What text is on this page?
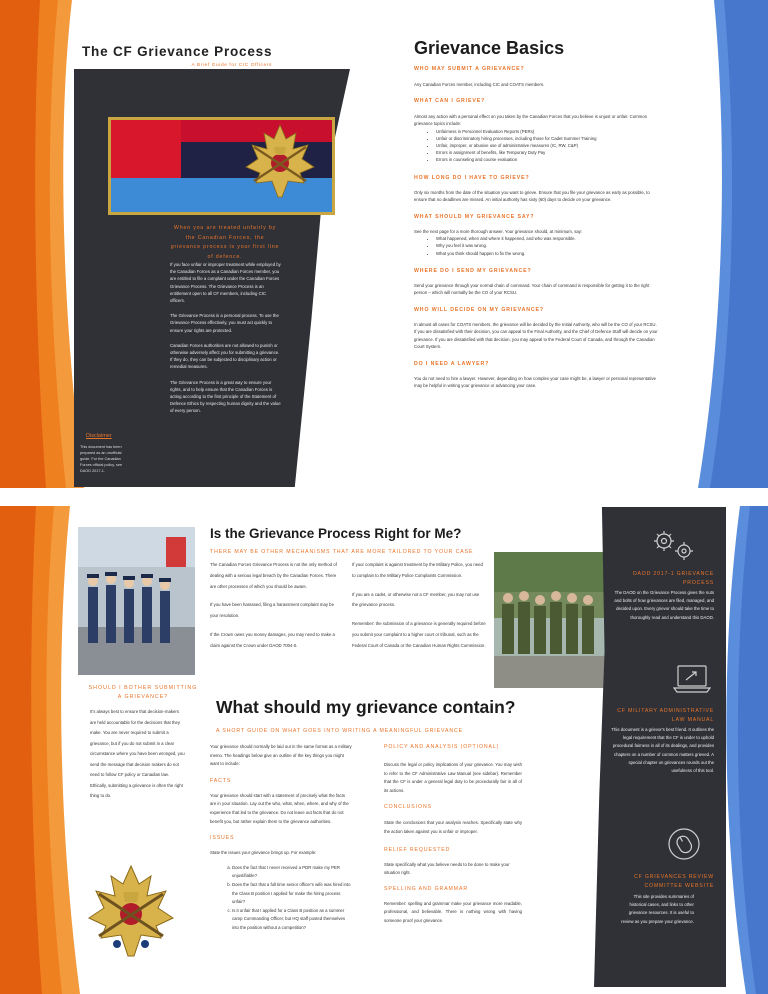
The CF Grievance Process
A Brief Guide for CIC Officers
When you are treated unfairly by the Canadian Forces, the grievance process is your first line of defence.

If you face unfair or improper treatment while employed by the Canadian Forces as a Canadian Forces member, you are entitled to file a complaint under the Canadian Forces Grievance Process. The Grievance Process is an entitlement open to all CF members, including CIC officers.

The Grievance Process is a personal process. To use the Grievance Process effectively, you must act quickly to ensure your rights are protected.

Canadian Forces authorities are not allowed to punish or otherwise adversely affect you for submitting a grievance. If they do, they can be subjected to disciplinary action or remedial measures.

The Grievance Process is a great way to ensure your rights, and to help ensure that the Canadian Forces is acting according to the first principle of the Statement of Defence Ethics by respecting human dignity and the value of every person.

Disclaimer
This document has been prepared as an unofficial guide. For the Canadian Forces official policy, see DAOD 2017-1.
Grievance Basics
WHO MAY SUBMIT A GRIEVANCE?

Any Canadian Forces member, including CIC and COATS members.

WHAT CAN I GRIEVE?

Almost any action with a personal effect on you taken by the Canadian Forces that you believe is unjust or unfair. Common grievance topics include:

• Unfairness in Personnel Evaluation Reports (PERs)
• Unfair or discriminatory hiring processes, including those for Cadet Summer Training
• Unfair, improper, or abusive use of administrative measures (IC, RW, C&P)
• Errors in assignment of benefits, like Temporary Duty Pay
• Errors in counseling and course evaluation
HOW LONG DO I HAVE TO GRIEVE?

Only six months from the date of the situation you want to grieve. Ensure that you file your grievance as early as possible, to ensure that no deadlines are missed. An initial authority has sixty (60) days to decide on your grievance.

WHAT SHOULD MY GRIEVANCE SAY?

See the next page for a more thorough answer. Your grievance should, at minimum, say:

• What happened, when and where it happened, and who was responsible.
• Why you feel it was wrong.
• What you think should happen to fix the wrong.
WHERE DO I SEND MY GRIEVANCE?

Send your grievance through your normal chain of command. Your chain of command is responsible for getting it to the right person – which will normally be the CO of your RCSU.

WHO WILL DECIDE ON MY GRIEVANCE?

In almost all cases for COATS members, the grievance will be decided by the Initial Authority, who will be the CO of your RCSU. If you are dissatisfied with their decision, you can appeal to the Final Authority, and the Chief of Defence Staff will decide on your grievance. If you are dissatisfied with that decision, you may appeal to the Federal Court of Canada, and through the Canadian Court System.

DO I NEED A LAWYER?

You do not need to hire a lawyer. However, depending on how complex your case might be, a lawyer or personal representative may be helpful in writing your grievance or advancing your case.

SHOULD I BOTHER SUBMITTING A GRIEVANCE?
It's always best to ensure that decision-makers are held accountable for the decisions that they make. You are never required to submit a grievance, but if you do not submit in a clear circumstance where you have been wronged, you send the message that decision makers do not need to follow CF policy or Canadian law. Ethically, submitting a grievance is often the right thing to do.
Is the Grievance Process Right for Me?
THERE MAY BE OTHER MECHANISMS THAT ARE MORE TAILORED TO YOUR CASE

The Canadian Forces Grievance Process is not the only method of dealing with a serious legal breach by the Canadian Forces. There are other processes of which you should be aware.

If you have been harassed, filing a harassment complaint may be your resolution.

If the Crown owes you money damages, you may need to make a claim against the Crown under DAOD 7004-0.

If your complaint is against treatment by the Military Police, you need to complain to the Military Police Complaints Commission.

If you are a cadet, or otherwise not a CF member, you may not use the grievance process.

Remember: the submission of a grievance is generally required before you submit your complaint to a higher court or tribunal, such as the Federal Court of Canada or the Canadian Human Rights Commission.

What should my grievance contain?
A SHORT GUIDE ON WHAT GOES INTO WRITING A MEANINGFUL GRIEVANCE

Your grievance should normally be laid out in the same format as a military memo. The headings below give an outline of the key things you might want to include:

FACTS

Your grievance should start with a statement of precisely what the facts are in your situation. Lay out the who, what, when, where, and why of the experience that led to the grievance. Do not leave out facts that do not benefit you, but rather explain them to the grievance authorities.

ISSUES

State the issues your grievance brings up. For example:

a. Does the fact that I never received a PDR make my PER unjustifiable?
b. Does the fact that a full time senior officer's wife was hired into the Class B position I applied for make the hiring process unfair?
c. Is it unfair that I applied for a Class B position as a summer camp Commanding Officer, but HQ staff posted themselves into the position without a competition?
POLICY AND ANALYSIS (OPTIONAL)

Discuss the legal or policy implications of your grievance. You may wish to refer to the CF Administrative Law Manual (see sidebar). Remember that the CF is under a general legal duty to be procedurally fair in all of its actions.

CONCLUSIONS

State the conclusions that your analysis reaches. Specifically state why the action taken against you is unfair or improper.

RELIEF REQUESTED

State specifically what you believe needs to be done to make your situation right.

SPELLING AND GRAMMAR

Remember: spelling and grammar make your grievance more readable, professional, and believable. There is nothing wrong with having someone proof your grievance.

DAOD 2017-1 GRIEVANCE PROCESS
The DAOD on the Grievance Process gives the nuts and bolts of how grievances are filed, managed, and decided upon. Every grievor should take the time to thoroughly read and understand this DAOD.
CF MILITARY ADMINISTRATIVE LAW MANUAL
This document is a grievor's best friend. It outlines the legal requirement that the CF is under to uphold procedural fairness in all of its dealings, and provides chapters on a number of common matters grieved. A special chapter on grievances rounds out the usefulness of this tool.
CF GRIEVANCES REVIEW COMMITTEE WEBSITE
This site provides summaries of historical cases, and links to other grievance resources. It is useful to review as you prepare your grievance.
